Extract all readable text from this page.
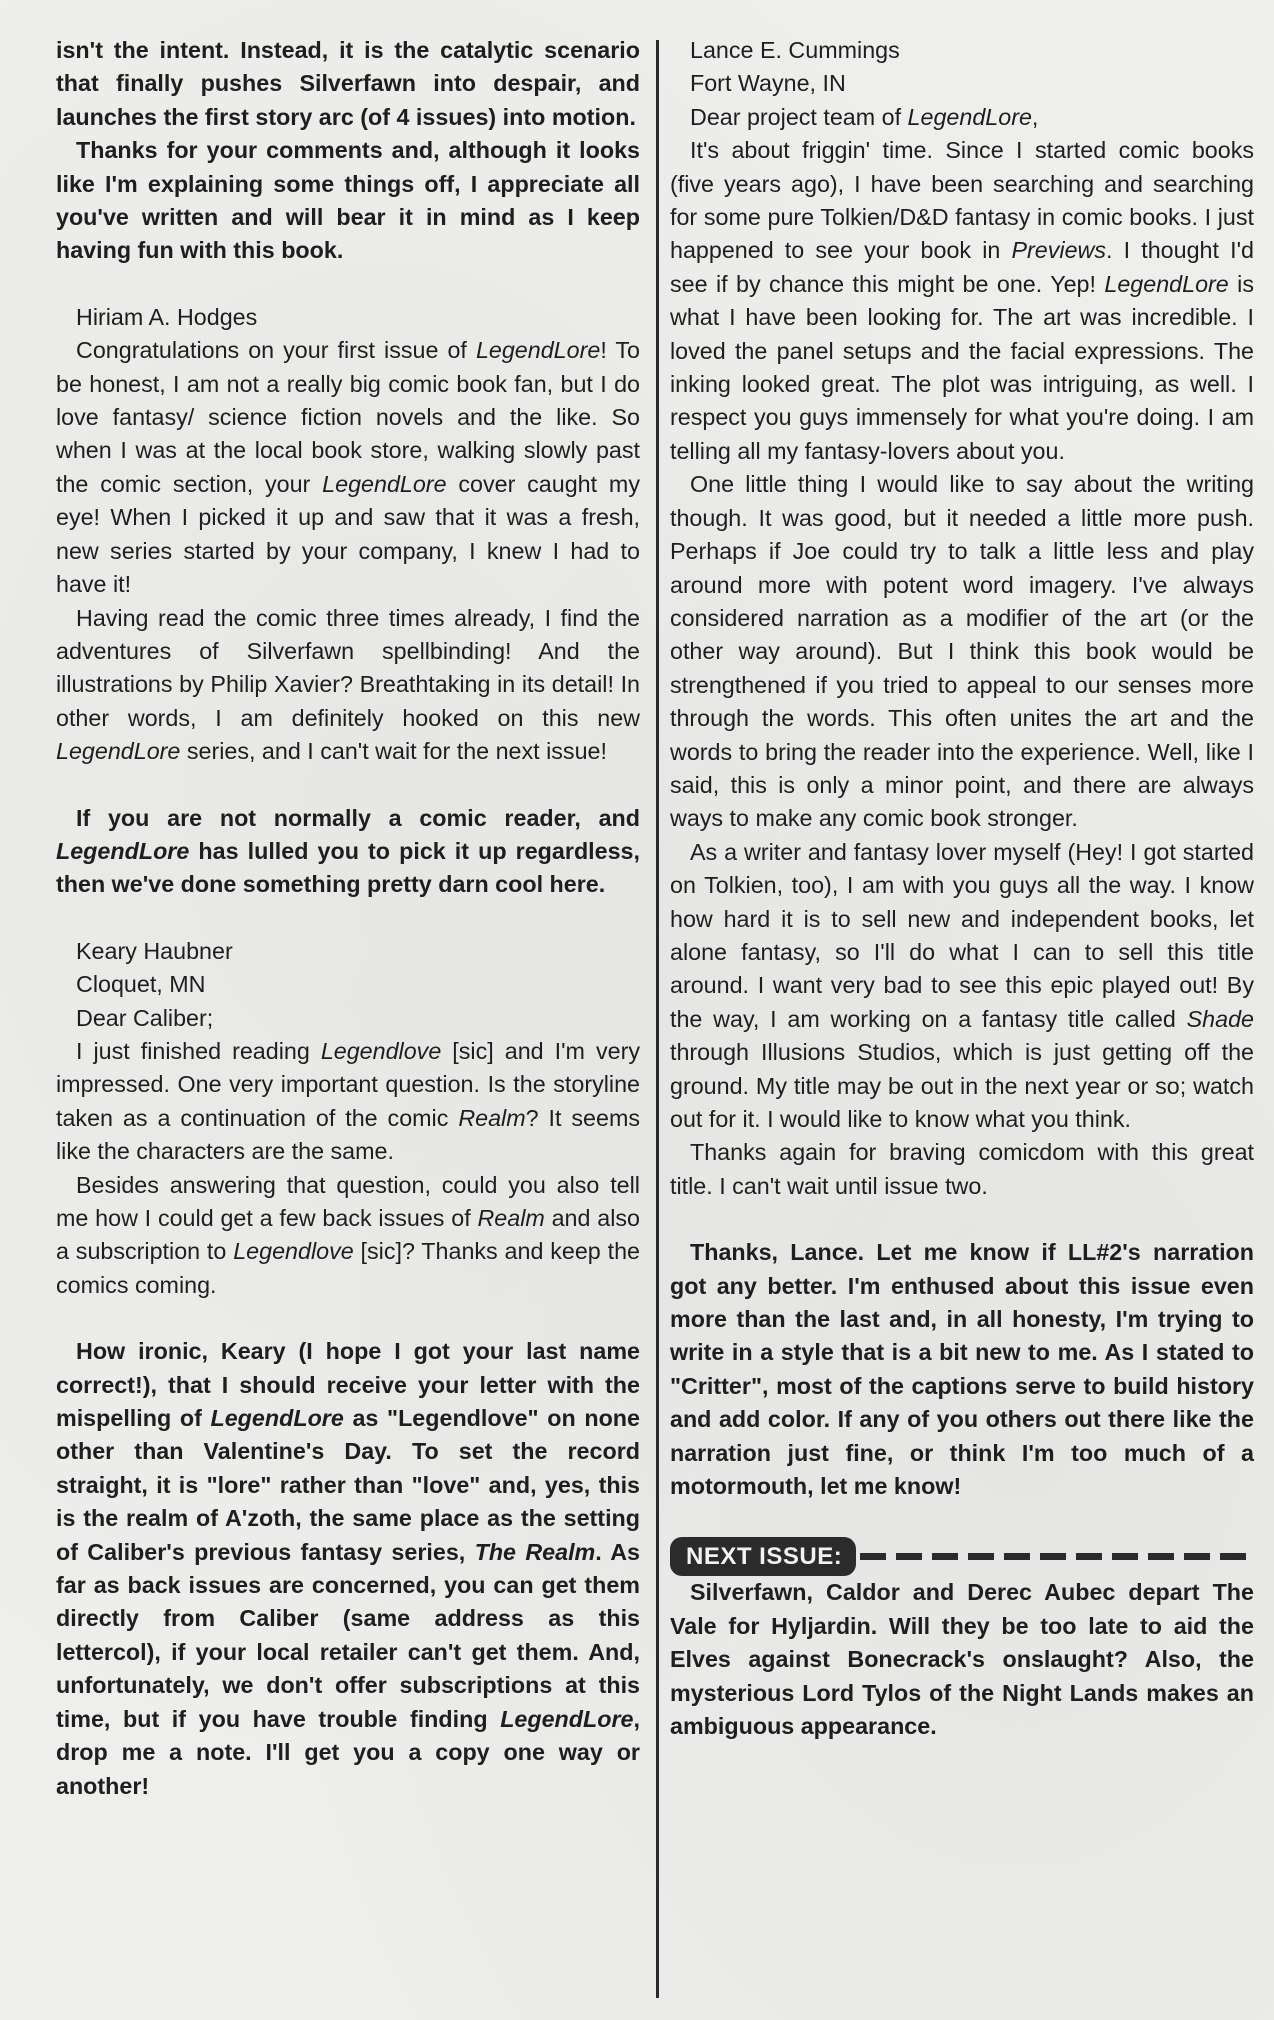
isn't the intent. Instead, it is the catalytic scenario that finally pushes Silverfawn into despair, and launches the first story arc (of 4 issues) into motion.

Thanks for your comments and, although it looks like I'm explaining some things off, I appreciate all you've written and will bear it in mind as I keep having fun with this book.

Hiriam A. Hodges

Congratulations on your first issue of LegendLore! To be honest, I am not a really big comic book fan, but I do love fantasy/ science fiction novels and the like. So when I was at the local book store, walking slowly past the comic section, your LegendLore cover caught my eye! When I picked it up and saw that it was a fresh, new series started by your company, I knew I had to have it!

Having read the comic three times already, I find the adventures of Silverfawn spellbinding! And the illustrations by Philip Xavier? Breathtaking in its detail! In other words, I am definitely hooked on this new LegendLore series, and I can't wait for the next issue!

If you are not normally a comic reader, and LegendLore has lulled you to pick it up regardless, then we've done something pretty darn cool here.

Keary Haubner

Cloquet, MN

Dear Caliber;

I just finished reading Legendlove [sic] and I'm very impressed. One very important question. Is the storyline taken as a continuation of the comic Realm? It seems like the characters are the same.

Besides answering that question, could you also tell me how I could get a few back issues of Realm and also a subscription to Legendlove [sic]? Thanks and keep the comics coming.

How ironic, Keary (I hope I got your last name correct!), that I should receive your letter with the mispelling of LegendLore as "Legendlove" on none other than Valentine's Day. To set the record straight, it is "lore" rather than "love" and, yes, this is the realm of A'zoth, the same place as the setting of Caliber's previous fantasy series, The Realm. As far as back issues are concerned, you can get them directly from Caliber (same address as this lettercol), if your local retailer can't get them. And, unfortunately, we don't offer subscriptions at this time, but if you have trouble finding LegendLore, drop me a note. I'll get you a copy one way or another!

Lance E. Cummings

Fort Wayne, IN

Dear project team of LegendLore,

It's about friggin' time. Since I started comic books (five years ago), I have been searching and searching for some pure Tolkien/D&D fantasy in comic books. I just happened to see your book in Previews. I thought I'd see if by chance this might be one. Yep! LegendLore is what I have been looking for. The art was incredible. I loved the panel setups and the facial expressions. The inking looked great. The plot was intriguing, as well. I respect you guys immensely for what you're doing. I am telling all my fantasy-lovers about you.

One little thing I would like to say about the writing though. It was good, but it needed a little more push. Perhaps if Joe could try to talk a little less and play around more with potent word imagery. I've always considered narration as a modifier of the art (or the other way around). But I think this book would be strengthened if you tried to appeal to our senses more through the words. This often unites the art and the words to bring the reader into the experience. Well, like I said, this is only a minor point, and there are always ways to make any comic book stronger.

As a writer and fantasy lover myself (Hey! I got started on Tolkien, too), I am with you guys all the way. I know how hard it is to sell new and independent books, let alone fantasy, so I'll do what I can to sell this title around. I want very bad to see this epic played out! By the way, I am working on a fantasy title called Shade through Illusions Studios, which is just getting off the ground. My title may be out in the next year or so; watch out for it. I would like to know what you think.

Thanks again for braving comicdom with this great title. I can't wait until issue two.

Thanks, Lance. Let me know if LL#2's narration got any better. I'm enthused about this issue even more than the last and, in all honesty, I'm trying to write in a style that is a bit new to me. As I stated to "Critter", most of the captions serve to build history and add color. If any of you others out there like the narration just fine, or think I'm too much of a motormouth, let me know!

NEXT ISSUE:

Silverfawn, Caldor and Derec Aubec depart The Vale for Hyljardin. Will they be too late to aid the Elves against Bonecrack's onslaught? Also, the mysterious Lord Tylos of the Night Lands makes an ambiguous appearance.
